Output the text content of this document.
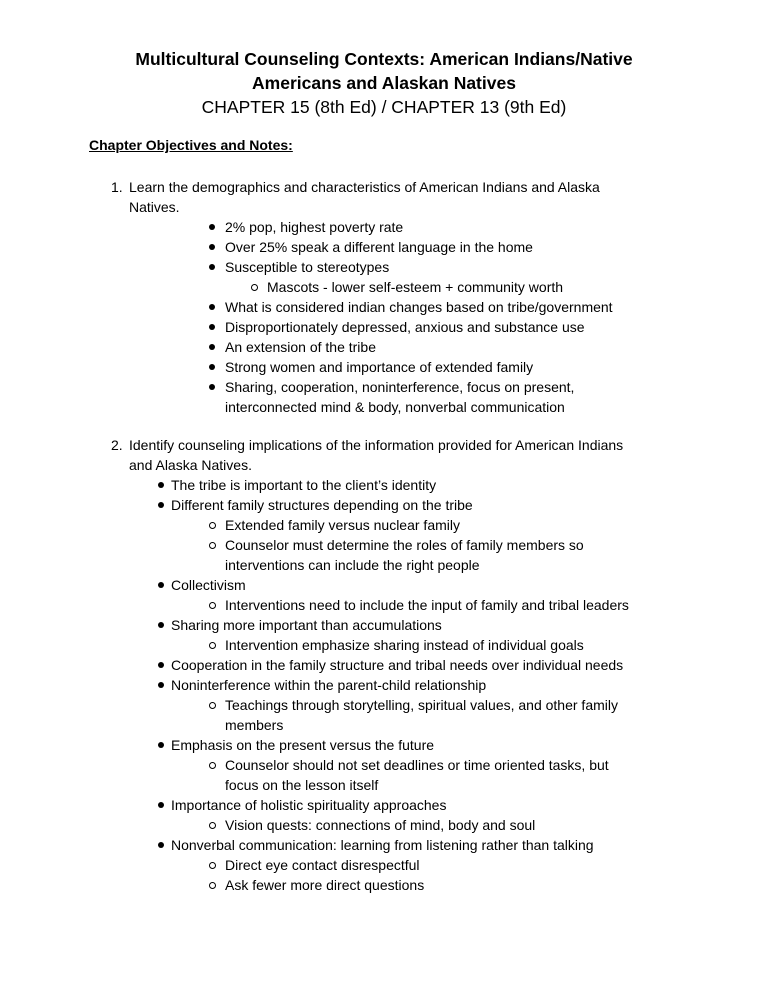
Multicultural Counseling Contexts: American Indians/Native
Americans and Alaskan Natives
CHAPTER 15 (8th Ed) / CHAPTER 13 (9th Ed)
Chapter Objectives and Notes:
1. Learn the demographics and characteristics of American Indians and Alaska
Natives.
2% pop, highest poverty rate
Over 25% speak a different language in the home
Susceptible to stereotypes
Mascots - lower self-esteem + community worth
What is considered indian changes based on tribe/government
Disproportionately depressed, anxious and substance use
An extension of the tribe
Strong women and importance of extended family
Sharing, cooperation, noninterference, focus on present,
interconnected mind & body, nonverbal communication
2. Identify counseling implications of the information provided for American Indians
and Alaska Natives.
The tribe is important to the client’s identity
Different family structures depending on the tribe
Extended family versus nuclear family
Counselor must determine the roles of family members so
interventions can include the right people
Collectivism
Interventions need to include the input of family and tribal leaders
Sharing more important than accumulations
Intervention emphasize sharing instead of individual goals
Cooperation in the family structure and tribal needs over individual needs
Noninterference within the parent-child relationship
Teachings through storytelling, spiritual values, and other family
members
Emphasis on the present versus the future
Counselor should not set deadlines or time oriented tasks, but
focus on the lesson itself
Importance of holistic spirituality approaches
Vision quests: connections of mind, body and soul
Nonverbal communication: learning from listening rather than talking
Direct eye contact disrespectful
Ask fewer more direct questions
